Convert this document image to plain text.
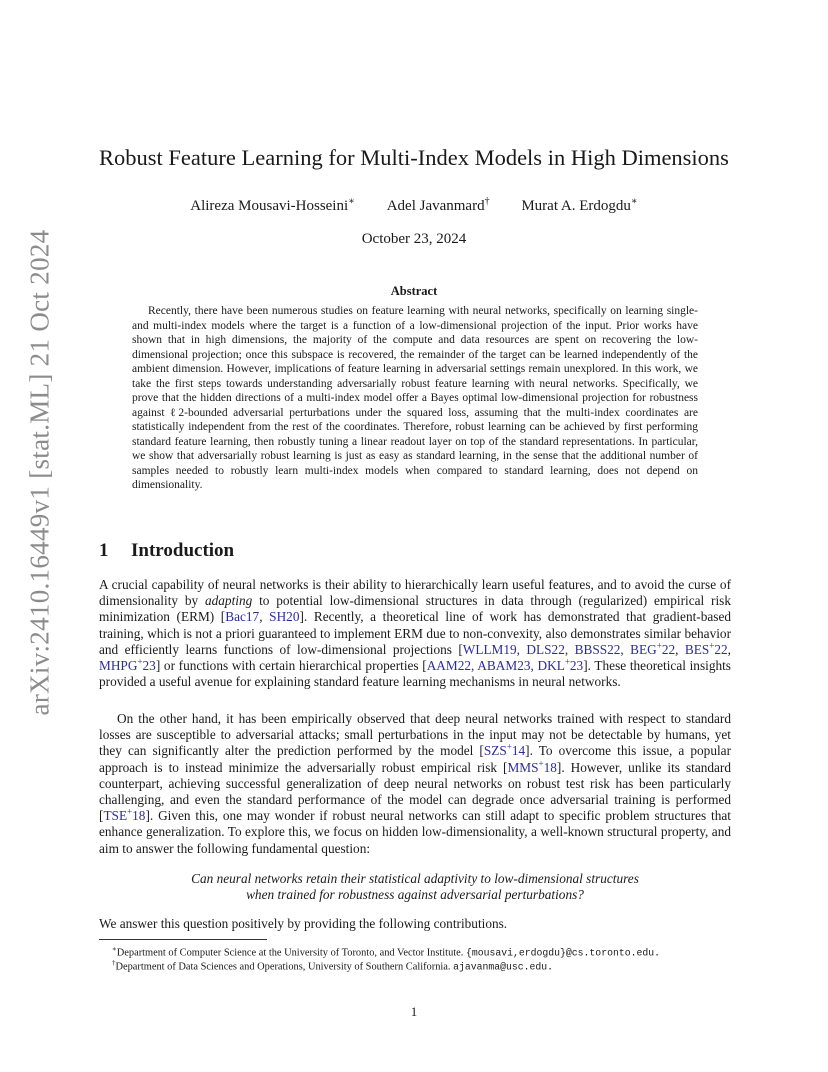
arXiv:2410.16449v1 [stat.ML] 21 Oct 2024
Robust Feature Learning for Multi-Index Models in High Dimensions
Alireza Mousavi-Hosseini∗ Adel Javanmard† Murat A. Erdogdu∗
October 23, 2024
Abstract

Recently, there have been numerous studies on feature learning with neural networks, specifically on learning single- and multi-index models where the target is a function of a low-dimensional projection of the input. Prior works have shown that in high dimensions, the majority of the compute and data resources are spent on recovering the low-dimensional projection; once this subspace is recovered, the remainder of the target can be learned independently of the ambient dimension. However, implications of feature learning in adversarial settings remain unexplored. In this work, we take the first steps towards understanding adversarially robust feature learning with neural networks. Specifically, we prove that the hidden directions of a multi-index model offer a Bayes optimal low-dimensional projection for robustness against ℓ2-bounded adversarial perturbations under the squared loss, assuming that the multi-index coordinates are statistically independent from the rest of the coordinates. Therefore, robust learning can be achieved by first performing standard feature learning, then robustly tuning a linear readout layer on top of the standard representations. In particular, we show that adversarially robust learning is just as easy as standard learning, in the sense that the additional number of samples needed to robustly learn multi-index models when compared to standard learning, does not depend on dimensionality.

1 Introduction

A crucial capability of neural networks is their ability to hierarchically learn useful features, and to avoid the curse of dimensionality by adapting to potential low-dimensional structures in data through (regularized) empirical risk minimization (ERM) [Bac17, SH20]. Recently, a theoretical line of work has demonstrated that gradient-based training, which is not a priori guaranteed to implement ERM due to non-convexity, also demonstrates similar behavior and efficiently learns functions of low-dimensional projections [WLLM19, DLS22, BBSS22, BEG+22, BES+22, MHPG+23] or functions with certain hierarchical properties [AAM22, ABAM23, DKL+23]. These theoretical insights provided a useful avenue for explaining standard feature learning mechanisms in neural networks.

On the other hand, it has been empirically observed that deep neural networks trained with respect to standard losses are susceptible to adversarial attacks; small perturbations in the input may not be detectable by humans, yet they can significantly alter the prediction performed by the model [SZS+14]. To overcome this issue, a popular approach is to instead minimize the adversarially robust empirical risk [MMS+18]. However, unlike its standard counterpart, achieving successful generalization of deep neural networks on robust test risk has been particularly challenging, and even the standard performance of the model can degrade once adversarial training is performed [TSE+18]. Given this, one may wonder if robust neural networks can still adapt to specific problem structures that enhance generalization. To explore this, we focus on hidden low-dimensionality, a well-known structural property, and aim to answer the following fundamental question:

Can neural networks retain their statistical adaptivity to low-dimensional structures
when trained for robustness against adversarial perturbations?
We answer this question positively by providing the following contributions.
∗Department of Computer Science at the University of Toronto, and Vector Institute. {mousavi,erdogdu}@cs.toronto.edu.
†Department of Data Sciences and Operations, University of Southern California. ajavanma@usc.edu.
1
